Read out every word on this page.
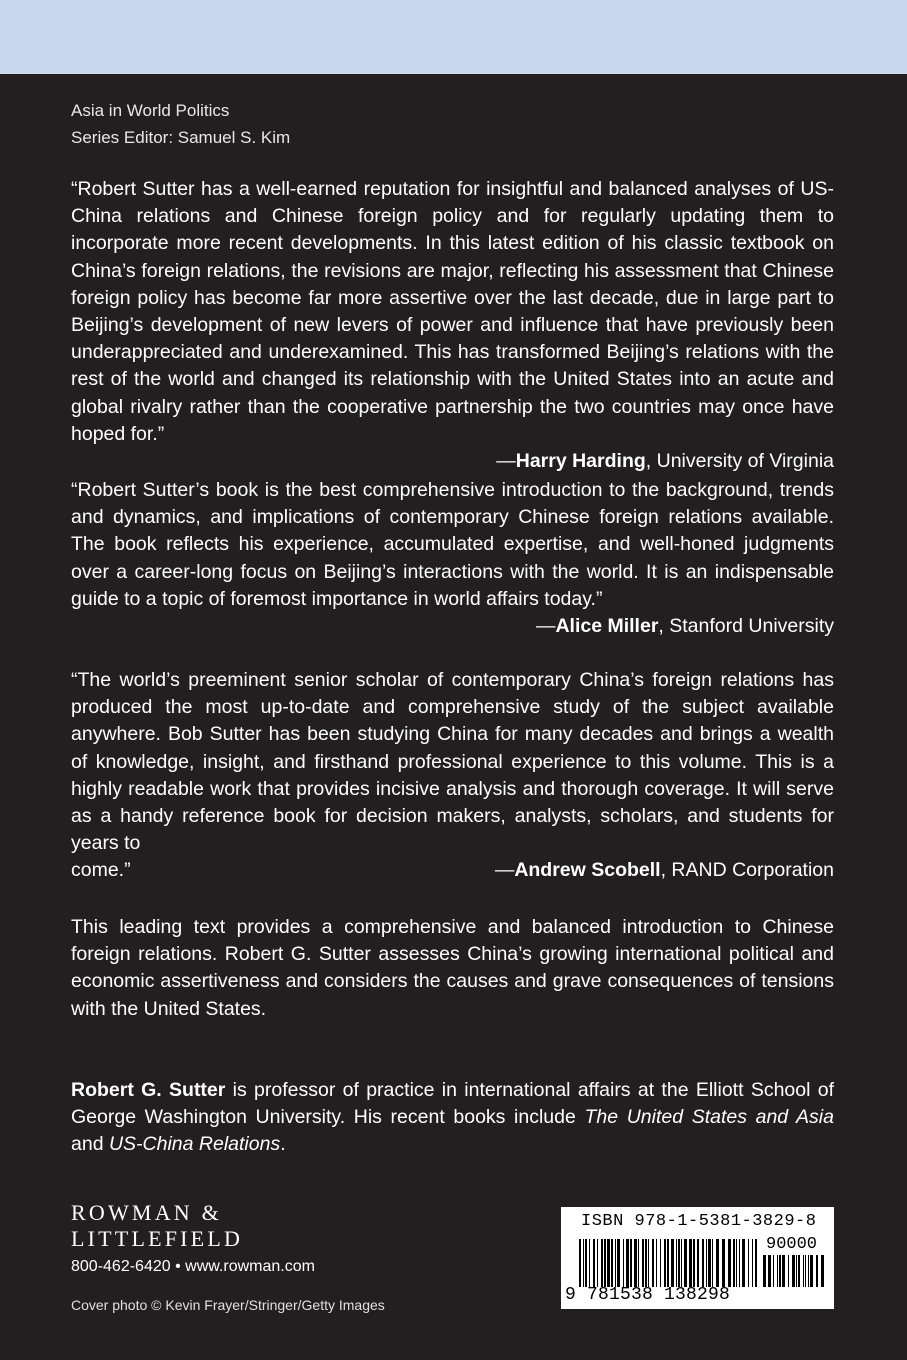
Asia in World Politics
Series Editor: Samuel S. Kim
“Robert Sutter has a well-earned reputation for insightful and balanced analyses of US-China relations and Chinese foreign policy and for regularly updating them to incorporate more recent developments. In this latest edition of his classic textbook on China’s foreign relations, the revisions are major, reflecting his assessment that Chinese foreign policy has become far more assertive over the last decade, due in large part to Beijing’s development of new levers of power and influence that have previously been underappreciated and underexamined. This has transformed Beijing’s relations with the rest of the world and changed its relationship with the United States into an acute and global rivalry rather than the cooperative partnership the two countries may once have hoped for.”
—Harry Harding, University of Virginia
“Robert Sutter’s book is the best comprehensive introduction to the background, trends and dynamics, and implications of contemporary Chinese foreign relations available. The book reflects his experience, accumulated expertise, and well-honed judgments over a career-long focus on Beijing’s interactions with the world. It is an indispensable guide to a topic of foremost importance in world affairs today.”
—Alice Miller, Stanford University
“The world’s preeminent senior scholar of contemporary China’s foreign relations has produced the most up-to-date and comprehensive study of the subject available anywhere. Bob Sutter has been studying China for many decades and brings a wealth of knowledge, insight, and firsthand professional experience to this volume. This is a highly readable work that provides incisive analysis and thorough coverage. It will serve as a handy reference book for decision makers, analysts, scholars, and students for years to
come.”	—Andrew Scobell, RAND Corporation
This leading text provides a comprehensive and balanced introduction to Chinese foreign relations. Robert G. Sutter assesses China’s growing international political and economic assertiveness and considers the causes and grave consequences of tensions with the United States.
Robert G. Sutter is professor of practice in international affairs at the Elliott School of George Washington University. His recent books include The United States and Asia and US-China Relations.
ROWMAN &
LITTLEFIELD
800-462-6420 • www.rowman.com
Cover photo © Kevin Frayer/Stringer/Getty Images
ISBN 978-1-5381-3829-8
90000
9 781538 138298
